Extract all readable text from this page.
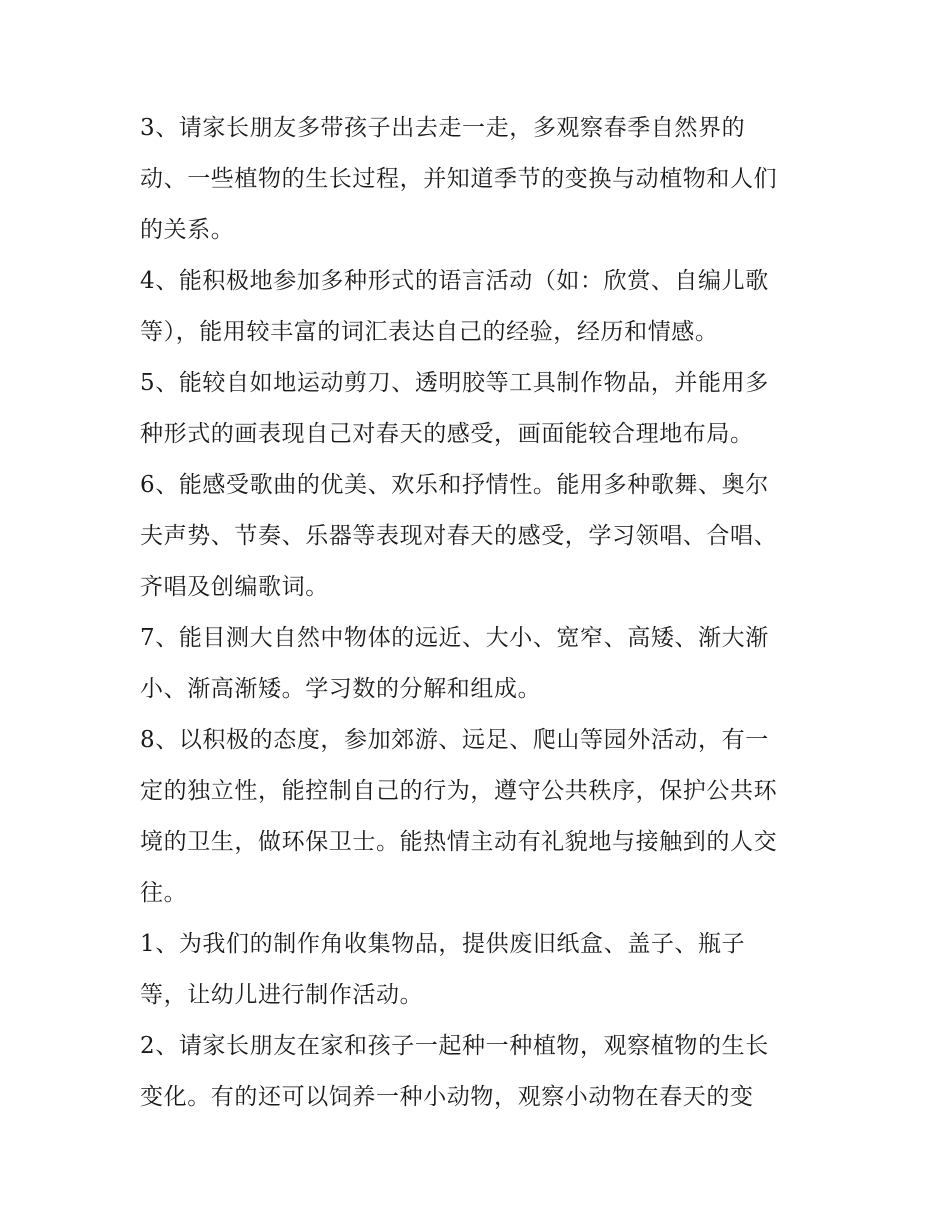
3、请家长朋友多带孩子出去走一走，多观察春季自然界的
动、一些植物的生长过程，并知道季节的变换与动植物和人们
的关系。
4、能积极地参加多种形式的语言活动（如：欣赏、自编儿歌
等），能用较丰富的词汇表达自己的经验，经历和情感。
5、能较自如地运动剪刀、透明胶等工具制作物品，并能用多
种形式的画表现自己对春天的感受，画面能较合理地布局。
6、能感受歌曲的优美、欢乐和抒情性。能用多种歌舞、奥尔
夫声势、节奏、乐器等表现对春天的感受，学习领唱、合唱、
齐唱及创编歌词。
7、能目测大自然中物体的远近、大小、宽窄、高矮、渐大渐
小、渐高渐矮。学习数的分解和组成。
8、以积极的态度，参加郊游、远足、爬山等园外活动，有一
定的独立性，能控制自己的行为，遵守公共秩序，保护公共环
境的卫生，做环保卫士。能热情主动有礼貌地与接触到的人交
往。
1、为我们的制作角收集物品，提供废旧纸盒、盖子、瓶子
等，让幼儿进行制作活动。
2、请家长朋友在家和孩子一起种一种植物，观察植物的生长
变化。有的还可以饲养一种小动物，观察小动物在春天的变
